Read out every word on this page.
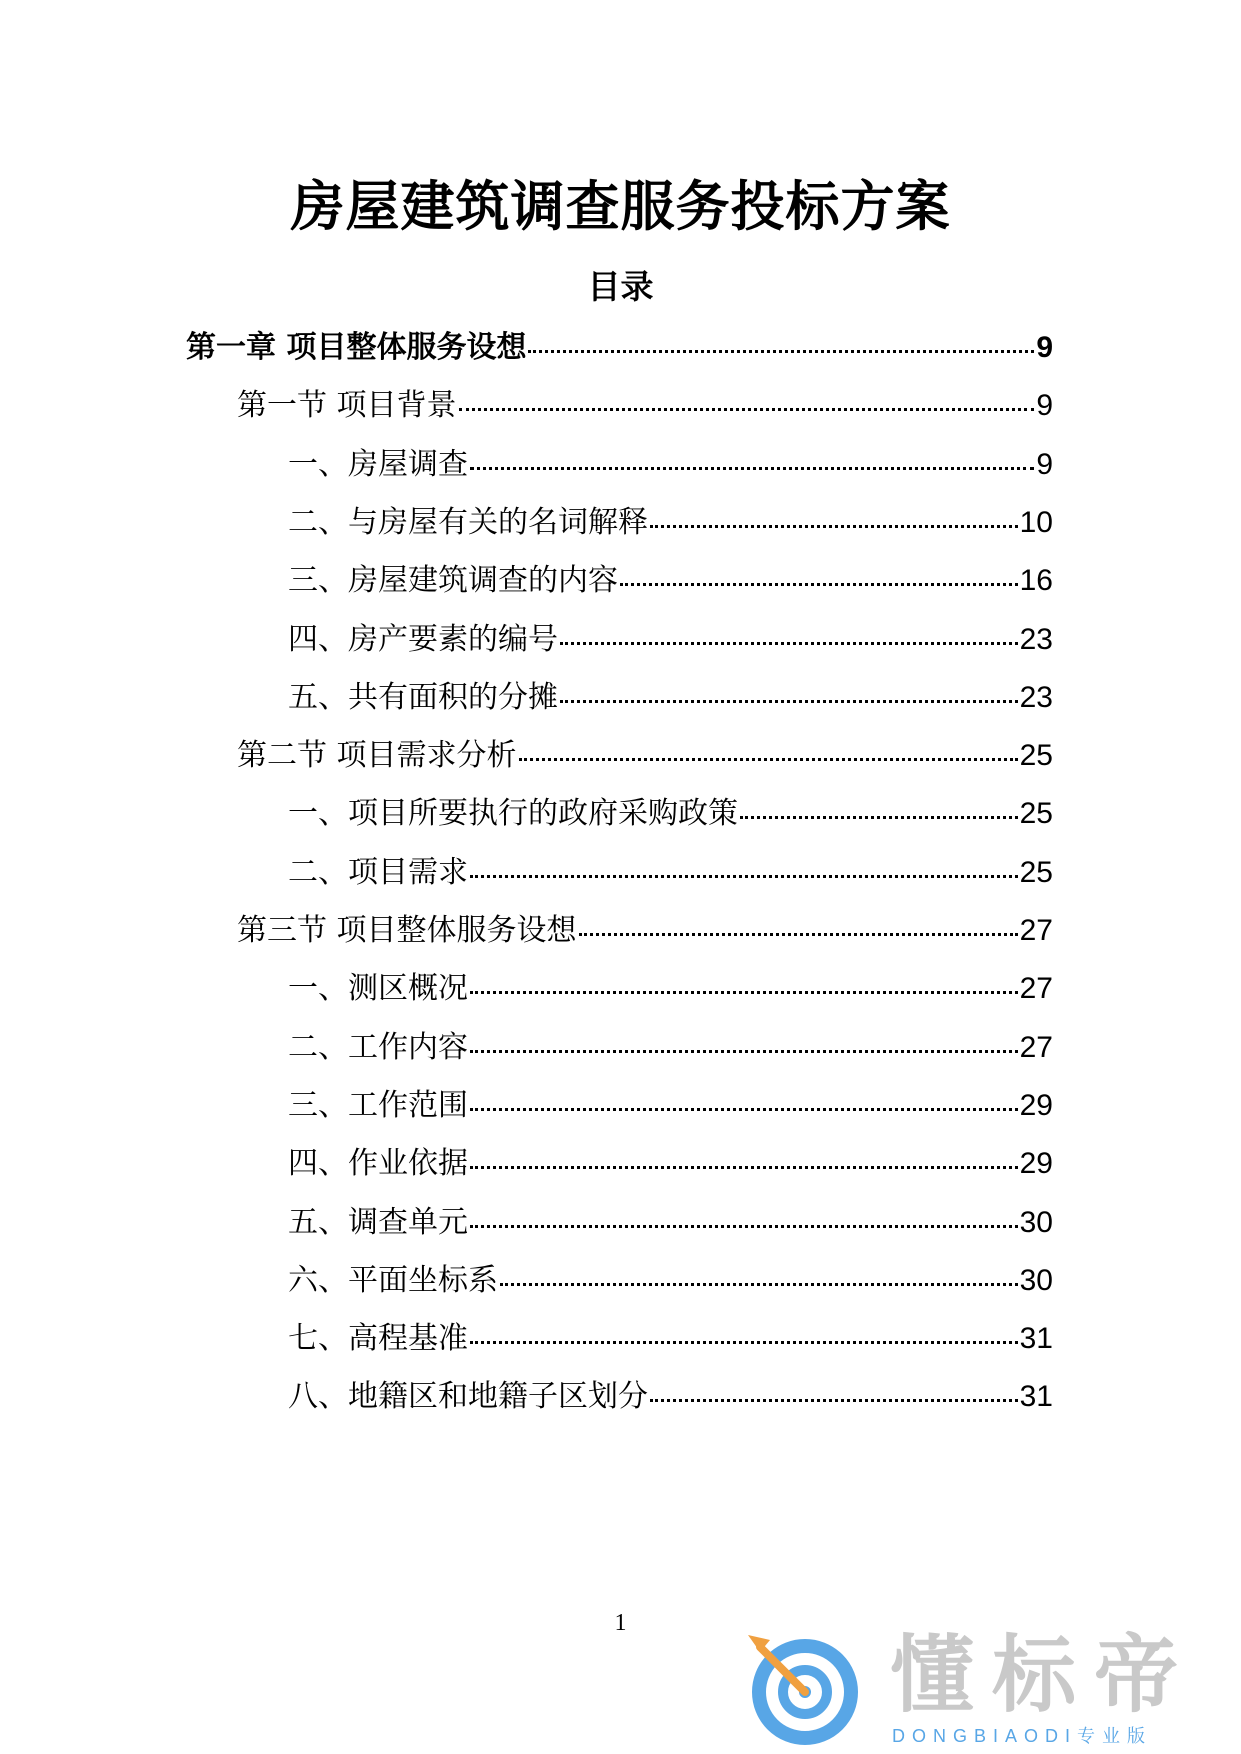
房屋建筑调查服务投标方案
目录
第一章 项目整体服务设想	9
第一节 项目背景	9
一、房屋调查	9
二、与房屋有关的名词解释	10
三、房屋建筑调查的内容	16
四、房产要素的编号	23
五、共有面积的分摊	23
第二节 项目需求分析	25
一、项目所要执行的政府采购政策	25
二、项目需求	25
第三节 项目整体服务设想	27
一、测区概况	27
二、工作内容	27
三、工作范围	29
四、作业依据	29
五、调查单元	30
六、平面坐标系	30
七、高程基准	31
八、地籍区和地籍子区划分	31
1
懂标帝
DONGBIAODI专业版
